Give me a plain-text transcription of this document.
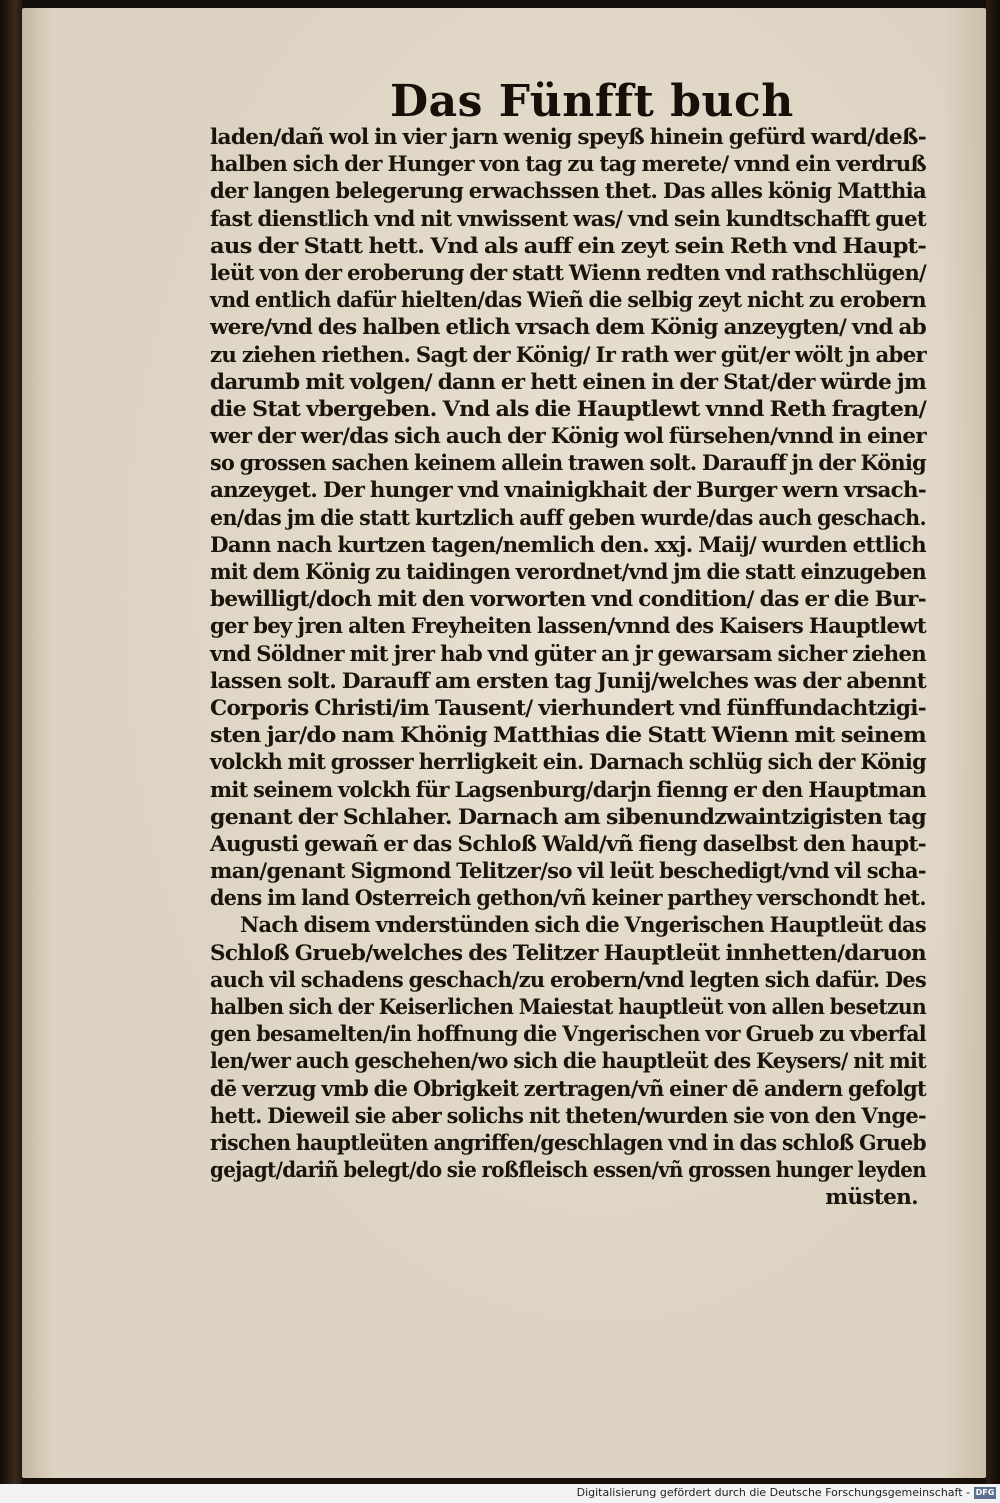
Das Fünfft buch
laden/dañ wol in vier jarn wenig speyß hinein gefürd ward/deß-
halben sich der Hunger von tag zu tag merete/ vnnd ein verdruß
der langen belegerung erwachssen thet. Das alles könig Matthia
fast dienstlich vnd nit vnwissent was/ vnd sein kundtschafft guet
aus der Statt hett. Vnd als auff ein zeyt sein Reth vnd Haupt-
leüt von der eroberung der statt Wienn redten vnd rathschlügen/
vnd entlich dafür hielten/das Wieñ die selbig zeyt nicht zu erobern
were/vnd des halben etlich vrsach dem König anzeygten/ vnd ab
zu ziehen riethen. Sagt der König/ Ir rath wer güt/er wölt jn aber
darumb mit volgen/ dann er hett einen in der Stat/der würde jm
die Stat vbergeben. Vnd als die Hauptlewt vnnd Reth fragten/
wer der wer/das sich auch der König wol fürsehen/vnnd in einer
so grossen sachen keinem allein trawen solt. Darauff jn der König
anzeyget. Der hunger vnd vnainigkhait der Burger wern vrsach-
en/das jm die statt kurtzlich auff geben wurde/das auch geschach.
Dann nach kurtzen tagen/nemlich den. xxj. Maij/ wurden ettlich
mit dem König zu taidingen verordnet/vnd jm die statt einzugeben
bewilligt/doch mit den vorworten vnd condition/ das er die Bur-
ger bey jren alten Freyheiten lassen/vnnd des Kaisers Hauptlewt
vnd Söldner mit jrer hab vnd güter an jr gewarsam sicher ziehen
lassen solt. Darauff am ersten tag Junij/welches was der abennt
Corporis Christi/im Tausent/ vierhundert vnd fünffundachtzigi-
sten jar/do nam Khönig Matthias die Statt Wienn mit seinem
volckh mit grosser herrligkeit ein. Darnach schlüg sich der König
mit seinem volckh für Lagsenburg/darjn fienng er den Hauptman
genant der Schlaher. Darnach am sibenundzwaintzigisten tag
Augusti gewañ er das Schloß Wald/vñ fieng daselbst den haupt-
man/genant Sigmond Telitzer/so vil leüt beschedigt/vnd vil scha-
dens im land Osterreich gethon/vñ keiner parthey verschondt het.
Nach disem vnderstünden sich die Vngerischen Hauptleüt das
Schloß Grueb/welches des Telitzer Hauptleüt innhetten/daruon
auch vil schadens geschach/zu erobern/vnd legten sich dafür. Des
halben sich der Keiserlichen Maiestat hauptleüt von allen besetzun
gen besamelten/in hoffnung die Vngerischen vor Grueb zu vberfal
len/wer auch geschehen/wo sich die hauptleüt des Keysers/ nit mit
dē verzug vmb die Obrigkeit zertragen/vñ einer dē andern gefolgt
hett. Dieweil sie aber solichs nit theten/wurden sie von den Vnge-
rischen hauptleüten angriffen/geschlagen vnd in das schloß Grueb
gejagt/dariñ belegt/do sie roßfleisch essen/vñ grossen hunger leyden
müsten.
Digitalisierung gefördert durch die Deutsche Forschungsgemeinschaft - DFG
